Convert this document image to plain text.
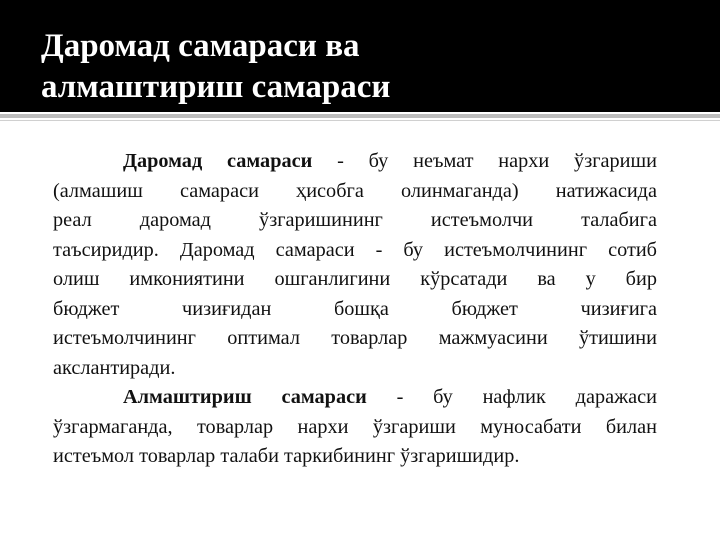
Даромад самараси ва
алмаштириш самараси
Даромад самараси - бу неъмат нархи ўзгариши
(алмашиш самараси ҳисобга олинмаганда) натижасида
реал даромад ўзгаришининг истеъмолчи талабига
таъсиридир. Даромад самараси - бу истеъмолчининг сотиб
олиш имкониятини ошганлигини кўрсатади ва у бир
бюджет чизиғидан бошқа бюджет чизиғига
истеъмолчининг оптимал товарлар мажмуасини ўтишини
акслантиради.
Алмаштириш самараси - бу нафлик даражаси
ўзгармаганда, товарлар нархи ўзгариши муносабати билан
истеъмол товарлар талаби таркибининг ўзгаришидир.
